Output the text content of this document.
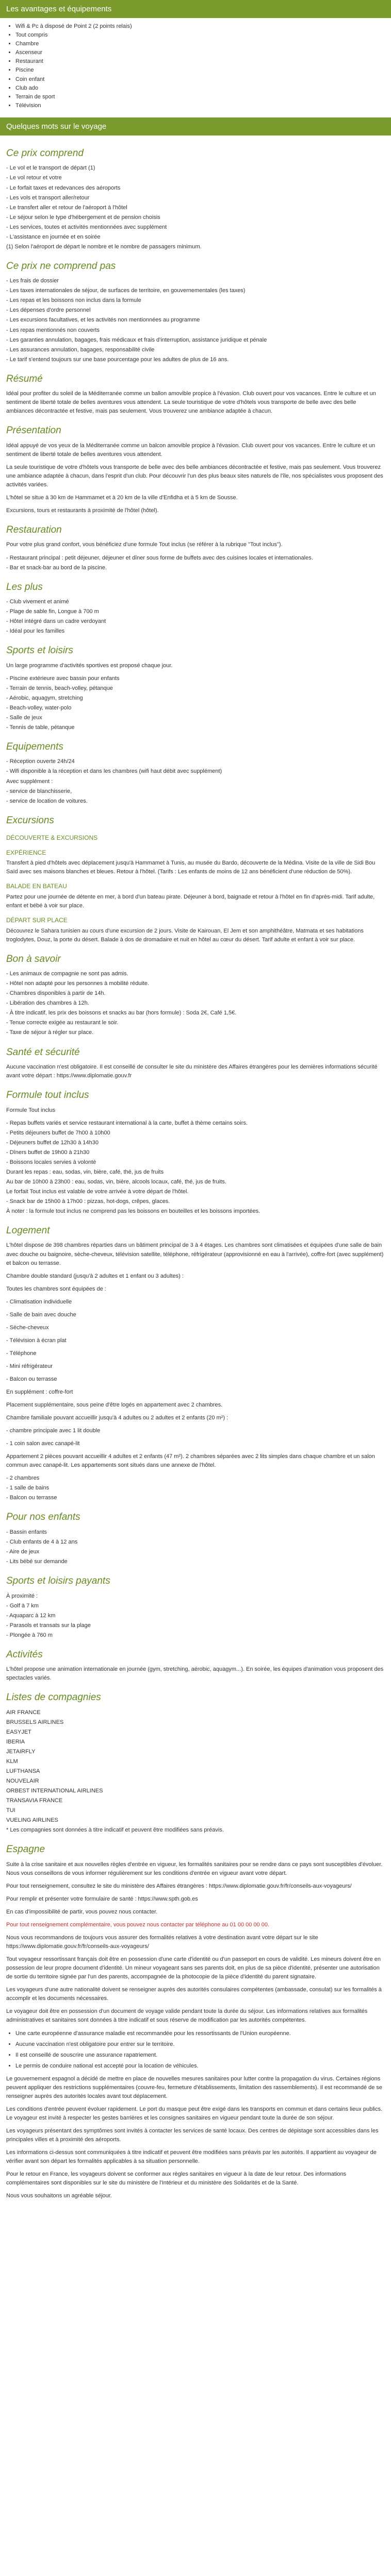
Les avantages et équipements
• Wifi & Pc à disposé de Point 2 (2 points relais)
• Tout compris
• Chambre
• Ascenseur
• Restaurant
• Piscine
• Coin enfant
• Club ado
• Terrain de sport
• Télévision
Quelques mots sur le voyage
Ce prix comprend

- Le vol et le transport de départ (1)

- Le vol retour et votre

- Le forfait taxes et redevances des aéroports

- Les vols et transport aller/retour

- Le transfert aller et retour de l'aéroport à l'hôtel

- Le séjour selon le type d'hébergement et de pension choisis

- Les services, toutes et activités mentionnées avec supplément

- L'assistance en journée et en soirée

(1) Selon l'aéroport de départ le nombre et le nombre de passagers minimum.

Ce prix ne comprend pas

- Les frais de dossier

- Les taxes internationales de séjour, de surfaces de territoire, en gouvernementales (les taxes)

- Les repas et les boissons non inclus dans la formule

- Les dépenses d'ordre personnel

- Les excursions facultatives, et les activités non mentionnées au programme

- Les repas mentionnés non couverts

- Les garanties annulation, bagages, frais médicaux et frais d'interruption, assistance juridique et pénale

- Les assurances annulation, bagages, responsabilité civile

- Le tarif s'entend toujours sur une base pourcentage pour les adultes de plus de 16 ans.

Résumé

Idéal pour profiter du soleil de la Méditerranée comme un ballon amovible propice à l'évasion. Club ouvert pour vos vacances. Entre le culture et un sentiment de liberté totale de belles aventures vous attendent. La seule touristique de votre d'hôtels vous transporte de belle avec des belle ambiances décontractée et festive, mais pas seulement. Vous trouverez une ambiance adaptée à chacun.

Présentation

Idéal appuyé de vos yeux de la Méditerranée comme un balcon amovible propice à l'évasion. Club ouvert pour vos vacances. Entre le culture et un sentiment de liberté totale de belles aventures vous attendent.

La seule touristique de votre d'hôtels vous transporte de belle avec des belle ambiances décontractée et festive, mais pas seulement. Vous trouverez une ambiance adaptée à chacun, dans l'esprit d'un club. Pour découvrir l'un des plus beaux sites naturels de l'île, nos spécialistes vous proposent des activités variées.

L'hôtel se situe à 30 km de Hammamet et à 20 km de la ville d'Enfidha et à 5 km de Sousse.

Excursions, tours et restaurants à proximité de l'hôtel (hôtel).

Restauration

Pour votre plus grand confort, vous bénéficiez d'une formule Tout inclus (se référer à la rubrique "Tout inclus").

- Restaurant principal : petit déjeuner, déjeuner et dîner sous forme de buffets avec des cuisines locales et internationales.

- Bar et snack-bar au bord de la piscine.

Les plus

- Club vivement et animé

- Plage de sable fin, Longue à 700 m

- Hôtel intégré dans un cadre verdoyant

- Idéal pour les familles

Sports et loisirs

Un large programme d'activités sportives est proposé chaque jour.

- Piscine extérieure avec bassin pour enfants

- Terrain de tennis, beach-volley, pétanque

- Aérobic, aquagym, stretching

- Beach-volley, water-polo

- Salle de jeux

- Tennis de table, pétanque

Equipements

- Réception ouverte 24h/24

- Wifi disponible à la réception et dans les chambres (wifi haut débit avec supplément)

Avec supplément :

- service de blanchisserie,

- service de location de voitures.

Excursions
DÉCOUVERTE & EXCURSIONS
EXPÉRIENCE

Transfert à pied d'hôtels avec déplacement jusqu'à Hammamet à Tunis, au musée du Bardo, découverte de la Médina. Visite de la ville de Sidi Bou Saïd avec ses maisons blanches et bleues. Retour à l'hôtel. (Tarifs : Les enfants de moins de 12 ans bénéficient d'une réduction de 50%).

BALADE EN BATEAU

Partez pour une journée de détente en mer, à bord d'un bateau pirate. Déjeuner à bord, baignade et retour à l'hôtel en fin d'après-midi. Tarif adulte, enfant et bébé à voir sur place.

DÉPART SUR PLACE

Découvrez le Sahara tunisien au cours d'une excursion de 2 jours. Visite de Kairouan, El Jem et son amphithéâtre, Matmata et ses habitations troglodytes, Douz, la porte du désert. Balade à dos de dromadaire et nuit en hôtel au cœur du désert. Tarif adulte et enfant à voir sur place.

Bon à savoir

- Les animaux de compagnie ne sont pas admis.

- Hôtel non adapté pour les personnes à mobilité réduite.

- Chambres disponibles à partir de 14h.

- Libération des chambres à 12h.

- À titre indicatif, les prix des boissons et snacks au bar (hors formule) : Soda 2€, Café 1,5€.

- Tenue correcte exigée au restaurant le soir.

- Taxe de séjour à régler sur place.

Santé et sécurité

Aucune vaccination n'est obligatoire. Il est conseillé de consulter le site du ministère des Affaires étrangères pour les dernières informations sécurité avant votre départ : https://www.diplomatie.gouv.fr

Formule tout inclus

Formule Tout inclus

- Repas buffets variés et service restaurant international à la carte, buffet à thème certains soirs.

- Petits déjeuners buffet de 7h00 à 10h00

- Déjeuners buffet de 12h30 à 14h30

- Dîners buffet de 19h00 à 21h30

- Boissons locales servies à volonté

Durant les repas : eau, sodas, vin, bière, café, thé, jus de fruits

Au bar de 10h00 à 23h00 : eau, sodas, vin, bière, alcools locaux, café, thé, jus de fruits.

Le forfait Tout inclus est valable de votre arrivée à votre départ de l'hôtel.

- Snack bar de 15h00 à 17h00 : pizzas, hot-dogs, crêpes, glaces.

À noter : la formule tout inclus ne comprend pas les boissons en bouteilles et les boissons importées.

Logement

L'hôtel dispose de 398 chambres réparties dans un bâtiment principal de 3 à 4 étages. Les chambres sont climatisées et équipées d'une salle de bain avec douche ou baignoire, sèche-cheveux, télévision satellite, téléphone, réfrigérateur (approvisionné en eau à l'arrivée), coffre-fort (avec supplément) et balcon ou terrasse.

Chambre double standard (jusqu'à 2 adultes et 1 enfant ou 3 adultes) :

Toutes les chambres sont équipées de :

- Climatisation individuelle

- Salle de bain avec douche

- Sèche-cheveux

- Télévision à écran plat

- Téléphone

- Mini réfrigérateur

- Balcon ou terrasse

En supplément : coffre-fort

Placement supplémentaire, sous peine d'être logés en appartement avec 2 chambres.

Chambre familiale pouvant accueillir jusqu'à 4 adultes ou 2 adultes et 2 enfants (20 m²) :

- chambre principale avec 1 lit double

- 1 coin salon avec canapé-lit

Appartement 2 pièces pouvant accueillir 4 adultes et 2 enfants (47 m²). 2 chambres séparées avec 2 lits simples dans chaque chambre et un salon commun avec canapé-lit. Les appartements sont situés dans une annexe de l'hôtel.

- 2 chambres

- 1 salle de bains

- Balcon ou terrasse

Pour nos enfants

- Bassin enfants

- Club enfants de 4 à 12 ans

- Aire de jeux

- Lits bébé sur demande

Sports et loisirs payants

À proximité :

- Golf à 7 km

- Aquaparc à 12 km

- Parasols et transats sur la plage

- Plongée à 760 m

Activités

L'hôtel propose une animation internationale en journée (gym, stretching, aérobic, aquagym...). En soirée, les équipes d'animation vous proposent des spectacles variés.

Listes de compagnies

AIR FRANCE

BRUSSELS AIRLINES

EASYJET

IBERIA

JETAIRFLY

KLM

LUFTHANSA

NOUVELAIR

ORBEST INTERNATIONAL AIRLINES

TRANSAVIA FRANCE

TUI

VUELING AIRLINES

* Les compagnies sont données à titre indicatif et peuvent être modifiées sans préavis.

Espagne

Suite à la crise sanitaire et aux nouvelles règles d'entrée en vigueur, les formalités sanitaires pour se rendre dans ce pays sont susceptibles d'évoluer. Nous vous conseillons de vous informer régulièrement sur les conditions d'entrée en vigueur avant votre départ.

Pour tout renseignement, consultez le site du ministère des Affaires étrangères : https://www.diplomatie.gouv.fr/fr/conseils-aux-voyageurs/

Pour remplir et présenter votre formulaire de santé : https://www.spth.gob.es

En cas d'impossibilité de partir, vous pouvez nous contacter.

Pour tout renseignement complémentaire, vous pouvez nous contacter par téléphone au 01 00 00 00 00.

Nous vous recommandons de toujours vous assurer des formalités relatives à votre destination avant votre départ sur le site https://www.diplomatie.gouv.fr/fr/conseils-aux-voyageurs/

Tout voyageur ressortissant français doit être en possession d'une carte d'identité ou d'un passeport en cours de validité. Les mineurs doivent être en possession de leur propre document d'identité. Un mineur voyageant sans ses parents doit, en plus de sa pièce d'identité, présenter une autorisation de sortie du territoire signée par l'un des parents, accompagnée de la photocopie de la pièce d'identité du parent signataire.

Les voyageurs d'une autre nationalité doivent se renseigner auprès des autorités consulaires compétentes (ambassade, consulat) sur les formalités à accomplir et les documents nécessaires.

Le voyageur doit être en possession d'un document de voyage valide pendant toute la durée du séjour. Les informations relatives aux formalités administratives et sanitaires sont données à titre indicatif et sous réserve de modification par les autorités compétentes.

• Une carte européenne d'assurance maladie est recommandée pour les ressortissants de l'Union européenne.
• Aucune vaccination n'est obligatoire pour entrer sur le territoire.
• Il est conseillé de souscrire une assurance rapatriement.
• Le permis de conduire national est accepté pour la location de véhicules.

Le gouvernement espagnol a décidé de mettre en place de nouvelles mesures sanitaires pour lutter contre la propagation du virus. Certaines régions peuvent appliquer des restrictions supplémentaires (couvre-feu, fermeture d'établissements, limitation des rassemblements). Il est recommandé de se renseigner auprès des autorités locales avant tout déplacement.

Les conditions d'entrée peuvent évoluer rapidement. Le port du masque peut être exigé dans les transports en commun et dans certains lieux publics. Le voyageur est invité à respecter les gestes barrières et les consignes sanitaires en vigueur pendant toute la durée de son séjour.

Les voyageurs présentant des symptômes sont invités à contacter les services de santé locaux. Des centres de dépistage sont accessibles dans les principales villes et à proximité des aéroports.

Les informations ci-dessus sont communiquées à titre indicatif et peuvent être modifiées sans préavis par les autorités. Il appartient au voyageur de vérifier avant son départ les formalités applicables à sa situation personnelle.

Pour le retour en France, les voyageurs doivent se conformer aux règles sanitaires en vigueur à la date de leur retour. Des informations complémentaires sont disponibles sur le site du ministère de l'Intérieur et du ministère des Solidarités et de la Santé.

Nous vous souhaitons un agréable séjour.
